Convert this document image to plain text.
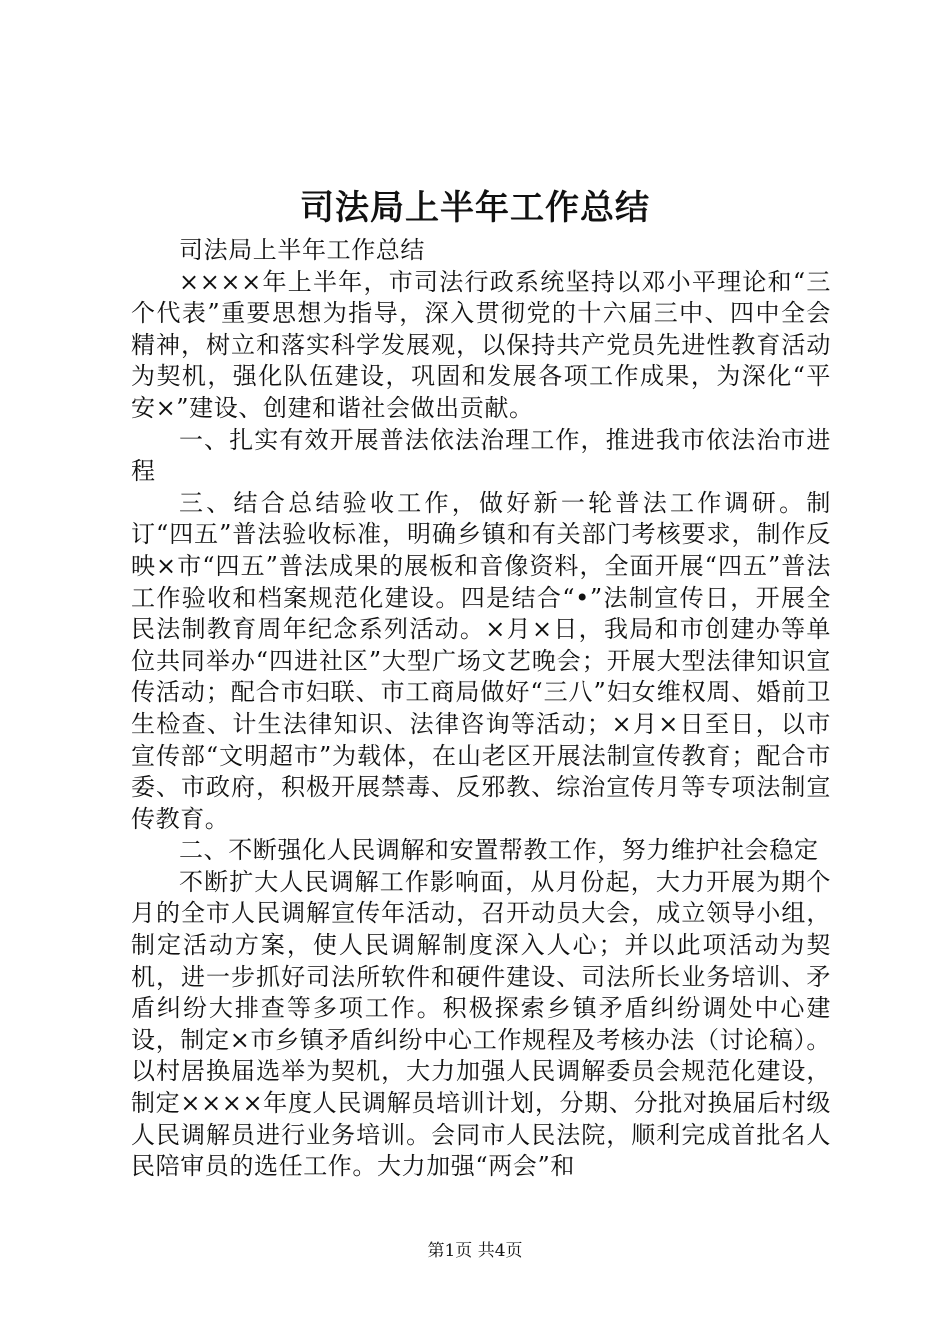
司法局上半年工作总结

司法局上半年工作总结

××××年上半年，市司法行政系统坚持以邓小平理论和“三个代表”重要思想为指导，深入贯彻党的十六届三中、四中全会精神，树立和落实科学发展观，以保持共产党员先进性教育活动为契机，强化队伍建设，巩固和发展各项工作成果，为深化“平安×”建设、创建和谐社会做出贡献。

一、扎实有效开展普法依法治理工作，推进我市依法治市进程

三、结合总结验收工作，做好新一轮普法工作调研。制订“四五”普法验收标准，明确乡镇和有关部门考核要求，制作反映×市“四五”普法成果的展板和音像资料，全面开展“四五”普法工作验收和档案规范化建设。四是结合“•”法制宣传日，开展全民法制教育周年纪念系列活动。×月×日，我局和市创建办等单位共同举办“四进社区”大型广场文艺晚会；开展大型法律知识宣传活动；配合市妇联、市工商局做好“三八”妇女维权周、婚前卫生检查、计生法律知识、法律咨询等活动；×月×日至日，以市宣传部“文明超市”为载体，在山老区开展法制宣传教育；配合市委、市政府，积极开展禁毒、反邪教、综治宣传月等专项法制宣传教育。

二、不断强化人民调解和安置帮教工作，努力维护社会稳定

不断扩大人民调解工作影响面，从月份起，大力开展为期个月的全市人民调解宣传年活动，召开动员大会，成立领导小组，制定活动方案，使人民调解制度深入人心；并以此项活动为契机，进一步抓好司法所软件和硬件建设、司法所长业务培训、矛盾纠纷大排查等多项工作。积极探索乡镇矛盾纠纷调处中心建设，制定×市乡镇矛盾纠纷中心工作规程及考核办法（讨论稿）。以村居换届选举为契机，大力加强人民调解委员会规范化建设，制定××××年度人民调解员培训计划，分期、分批对换届后村级人民调解员进行业务培训。会同市人民法院，顺利完成首批名人民陪审员的选任工作。大力加强“两会”和

第1页 共4页
